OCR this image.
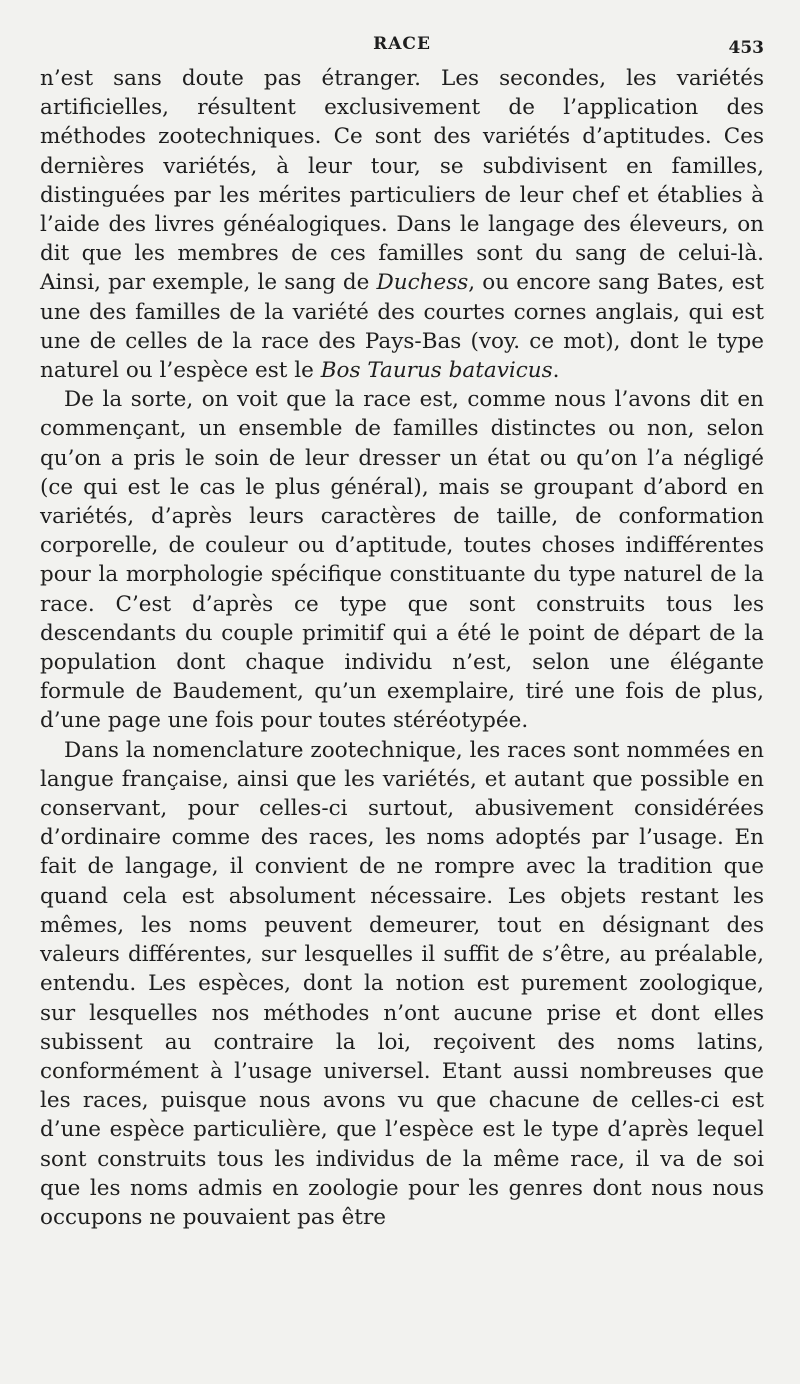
RACE	453

n’est sans doute pas étranger. Les secondes, les variétés artificielles, résultent exclusivement de l’application des méthodes zootechniques. Ce sont des variétés d’aptitudes. Ces dernières variétés, à leur tour, se subdivisent en familles, distinguées par les mérites particuliers de leur chef et établies à l’aide des livres généalogiques. Dans le langage des éleveurs, on dit que les membres de ces familles sont du sang de celui-là. Ainsi, par exemple, le sang de Duchess, ou encore sang Bates, est une des familles de la variété des courtes cornes anglais, qui est une de celles de la race des Pays-Bas (voy. ce mot), dont le type naturel ou l’espèce est le Bos Taurus batavicus.

De la sorte, on voit que la race est, comme nous l’avons dit en commençant, un ensemble de familles distinctes ou non, selon qu’on a pris le soin de leur dresser un état ou qu’on l’a négligé (ce qui est le cas le plus général), mais se groupant d’abord en variétés, d’après leurs caractères de taille, de conformation corporelle, de couleur ou d’aptitude, toutes choses indifférentes pour la morphologie spécifique constituante du type naturel de la race. C’est d’après ce type que sont construits tous les descendants du couple primitif qui a été le point de départ de la population dont chaque individu n’est, selon une élégante formule de Baudement, qu’un exemplaire, tiré une fois de plus, d’une page une fois pour toutes stéréotypée.

Dans la nomenclature zootechnique, les races sont nommées en langue française, ainsi que les variétés, et autant que possible en conservant, pour celles-ci surtout, abusivement considérées d’ordinaire comme des races, les noms adoptés par l’usage. En fait de langage, il convient de ne rompre avec la tradition que quand cela est absolument nécessaire. Les objets restant les mêmes, les noms peuvent demeurer, tout en désignant des valeurs différentes, sur lesquelles il suffit de s’être, au préalable, entendu. Les espèces, dont la notion est purement zoologique, sur lesquelles nos méthodes n’ont aucune prise et dont elles subissent au contraire la loi, reçoivent des noms latins, conformément à l’usage universel. Etant aussi nombreuses que les races, puisque nous avons vu que chacune de celles-ci est d’une espèce particulière, que l’espèce est le type d’après lequel sont construits tous les individus de la même race, il va de soi que les noms admis en zoologie pour les genres dont nous nous occupons ne pouvaient pas être
